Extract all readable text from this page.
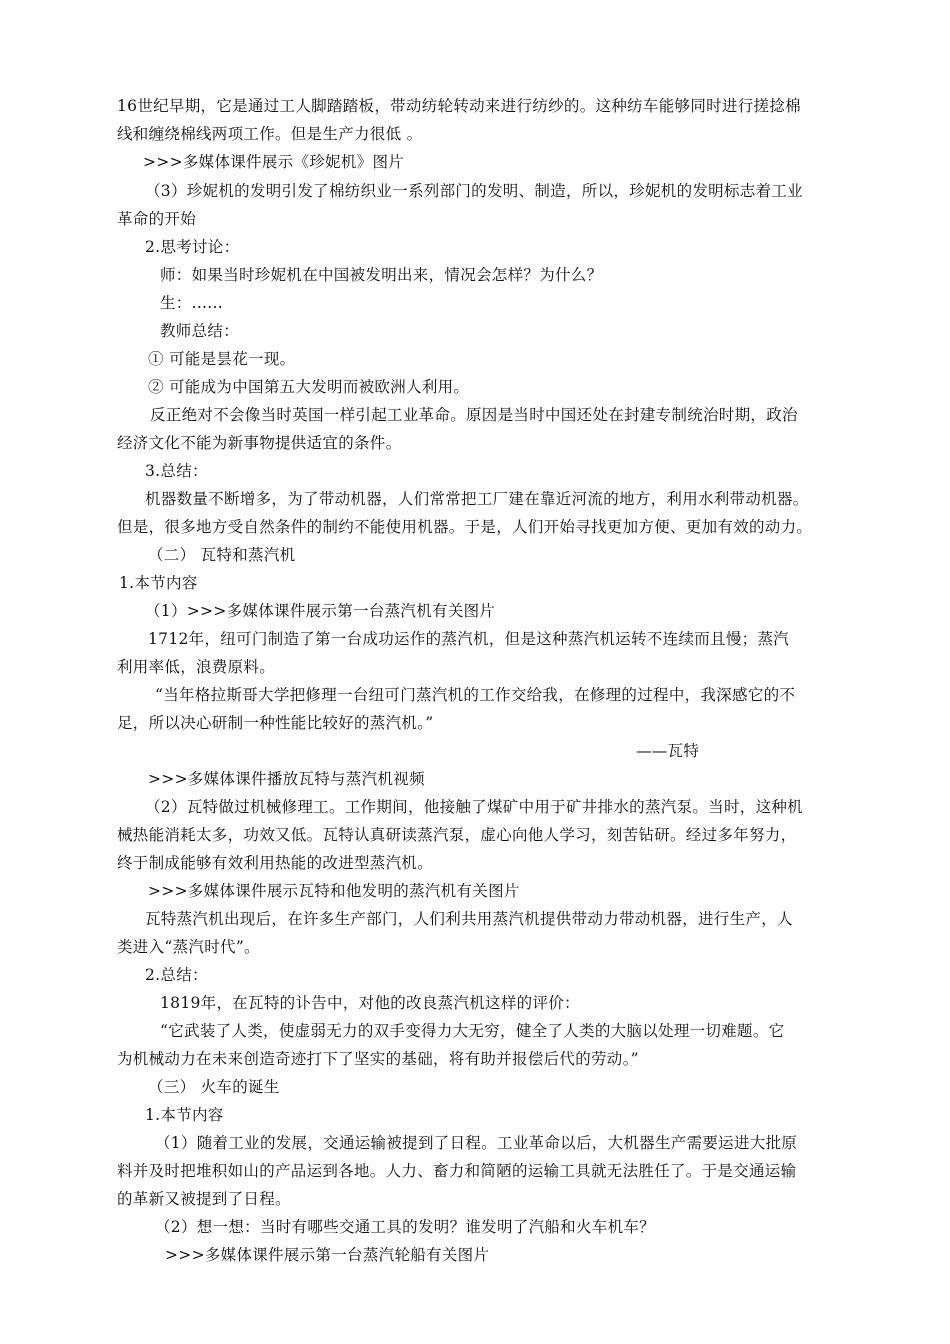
16世纪早期，它是通过工人脚踏踏板，带动纺轮转动来进行纺纱的。这种纺车能够同时进行搓捻棉
线和缠绕棉线两项工作。但是生产力很低 。
>>>多媒体课件展示《珍妮机》图片
（3）珍妮机的发明引发了棉纺织业一系列部门的发明、制造，所以，珍妮机的发明标志着工业
革命的开始
2.思考讨论：
师：如果当时珍妮机在中国被发明出来，情况会怎样？为什么？
生：......
教师总结：
① 可能是昙花一现。
② 可能成为中国第五大发明而被欧洲人利用。
反正绝对不会像当时英国一样引起工业革命。原因是当时中国还处在封建专制统治时期，政治
经济文化不能为新事物提供适宜的条件。
3.总结：
机器数量不断增多，为了带动机器，人们常常把工厂建在靠近河流的地方，利用水利带动机器。
但是，很多地方受自然条件的制约不能使用机器。于是，人们开始寻找更加方便、更加有效的动力。
（二） 瓦特和蒸汽机
1.本节内容
（1）>>>多媒体课件展示第一台蒸汽机有关图片
1712年，纽可门制造了第一台成功运作的蒸汽机，但是这种蒸汽机运转不连续而且慢；蒸汽
利用率低，浪费原料。
“当年格拉斯哥大学把修理一台纽可门蒸汽机的工作交给我，在修理的过程中，我深感它的不
足，所以决心研制一种性能比较好的蒸汽机。”
——瓦特
>>>多媒体课件播放瓦特与蒸汽机视频
（2）瓦特做过机械修理工。工作期间，他接触了煤矿中用于矿井排水的蒸汽泵。当时，这种机
械热能消耗太多，功效又低。瓦特认真研读蒸汽泵，虚心向他人学习，刻苦钻研。经过多年努力，
终于制成能够有效利用热能的改进型蒸汽机。
>>>多媒体课件展示瓦特和他发明的蒸汽机有关图片
瓦特蒸汽机出现后，在许多生产部门，人们利共用蒸汽机提供带动力带动机器，进行生产，人
类进入“蒸汽时代”。
2.总结：
1819年，在瓦特的讣告中，对他的改良蒸汽机这样的评价：
“它武装了人类，使虚弱无力的双手变得力大无穷，健全了人类的大脑以处理一切难题。它
为机械动力在未来创造奇迹打下了坚实的基础，将有助并报偿后代的劳动。”
（三） 火车的诞生
1.本节内容
（1）随着工业的发展，交通运输被提到了日程。工业革命以后，大机器生产需要运进大批原
料并及时把堆积如山的产品运到各地。人力、畜力和简陋的运输工具就无法胜任了。于是交通运输
的革新又被提到了日程。
（2）想一想：当时有哪些交通工具的发明？谁发明了汽船和火车机车？
>>>多媒体课件展示第一台蒸汽轮船有关图片
